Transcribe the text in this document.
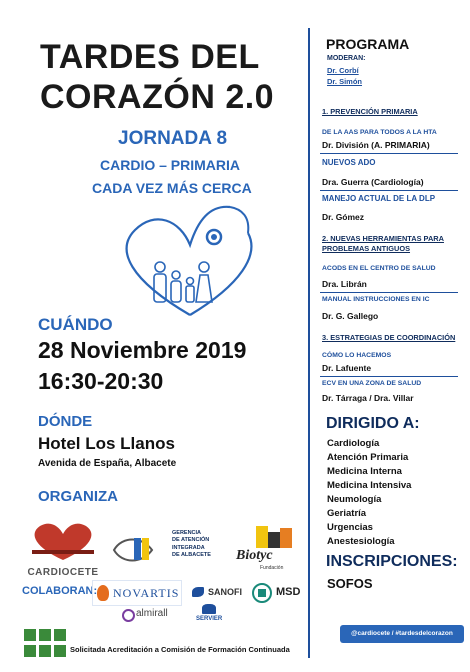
TARDES DEL
CORAZÓN 2.0
JORNADA 8
CARDIO – PRIMARIA
CADA VEZ MÁS CERCA
CUÁNDO
28 Noviembre 2019
16:30-20:30
DÓNDE
Hotel Los Llanos
Avenida de España, Albacete
ORGANIZA
CARDIOCETE
GERENCIA
DE ATENCIÓN
INTEGRADA
DE ALBACETE Biotyc
Fundación
COLABORAN: NOVARTIS	SANOFI	MSD
almirall	SERVIER
Solicitada Acreditación a Comisión de Formación Continuada
PROGRAMA
MODERAN:
Dr. Corbí
Dr. Simón
1. PREVENCIÓN PRIMARIA
DE LA AAS PARA TODOS A LA HTA
Dr. División (A. PRIMARIA)
NUEVOS ADO
Dra. Guerra (Cardiología)
MANEJO ACTUAL DE LA DLP
Dr. Gómez
2. NUEVAS HERRAMIENTAS PARA
PROBLEMAS ANTIGUOS
ACODS EN EL CENTRO DE SALUD
Dra. Librán
MANUAL INSTRUCCIONES EN IC
Dr. G. Gallego
3. ESTRATEGIAS DE COORDINACIÓN
CÓMO LO HACEMOS
Dr. Lafuente
ECV EN UNA ZONA DE SALUD
Dr. Tárraga / Dra. Villar
DIRIGIDO A:
Cardiología
Atención Primaria
Medicina Interna
Medicina Intensiva
Neumología
Geriatría
Urgencias
Anestesiología
INSCRIPCIONES:
SOFOS
@cardiocete / #tardesdelcorazon
